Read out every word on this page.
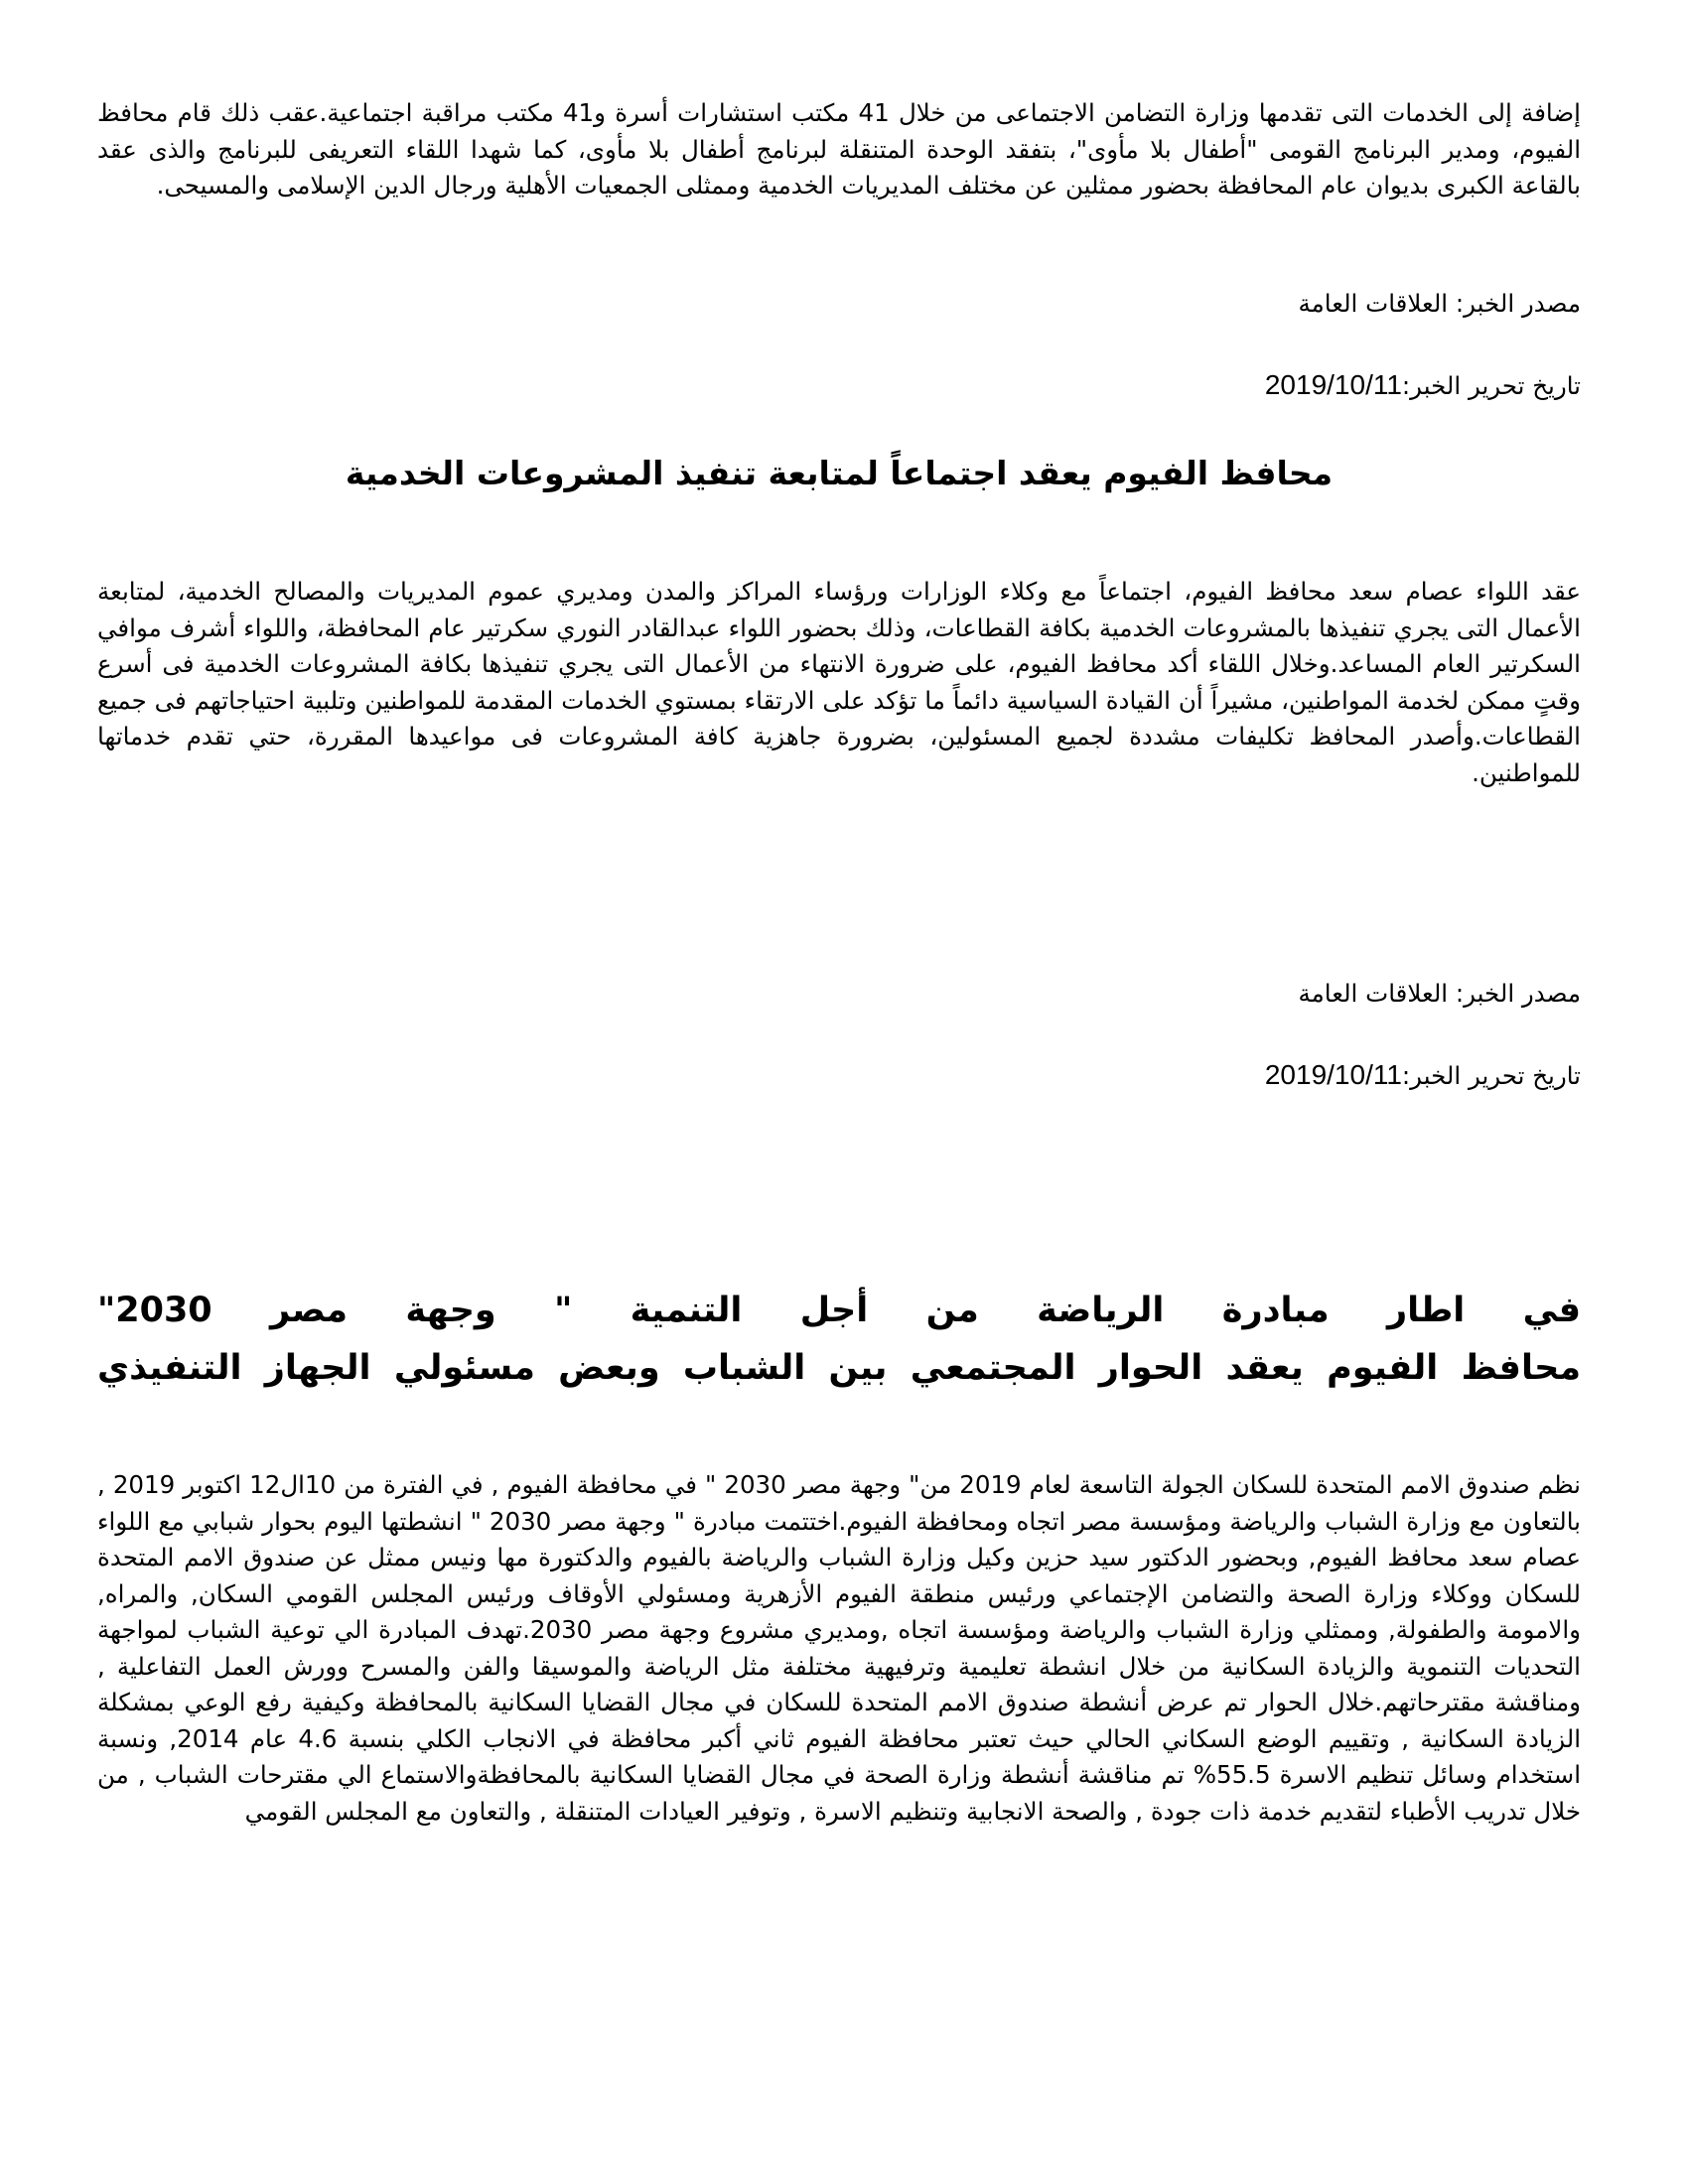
إضافة إلى الخدمات التى تقدمها وزارة التضامن الاجتماعى من خلال 41 مكتب استشارات أسرة و41 مكتب مراقبة اجتماعية.عقب ذلك قام محافظ الفيوم، ومدير البرنامج القومى "أطفال بلا مأوى"، بتفقد الوحدة المتنقلة لبرنامج أطفال بلا مأوى، كما شهدا اللقاء التعريفى للبرنامج والذى عقد بالقاعة الكبرى بديوان عام المحافظة بحضور ممثلين عن مختلف المديريات الخدمية وممثلى الجمعيات الأهلية ورجال الدين الإسلامى والمسيحى.

مصدر الخبر: العلاقات العامة

تاريخ تحرير الخبر:2019/10/11

محافظ الفيوم يعقد اجتماعاً لمتابعة تنفيذ المشروعات الخدمية

عقد اللواء عصام سعد محافظ الفيوم، اجتماعاً مع وكلاء الوزارات ورؤساء المراكز والمدن ومديري عموم المديريات والمصالح الخدمية، لمتابعة الأعمال التى يجري تنفيذها بالمشروعات الخدمية بكافة القطاعات، وذلك بحضور اللواء عبدالقادر النوري سكرتير عام المحافظة، واللواء أشرف موافي السكرتير العام المساعد.وخلال اللقاء أكد محافظ الفيوم، على ضرورة الانتهاء من الأعمال التى يجري تنفيذها بكافة المشروعات الخدمية فى أسرع وقتٍ ممكن لخدمة المواطنين، مشيراً أن القيادة السياسية دائماً ما تؤكد على الارتقاء بمستوي الخدمات المقدمة للمواطنين وتلبية احتياجاتهم فى جميع القطاعات.وأصدر المحافظ تكليفات مشددة لجميع المسئولين، بضرورة جاهزية كافة المشروعات فى مواعيدها المقررة، حتي تقدم خدماتها للمواطنين.

مصدر الخبر: العلاقات العامة

تاريخ تحرير الخبر:2019/10/11

في اطار مبادرة الرياضة من أجل التنمية " وجهة مصر 2030"

محافظ الفيوم يعقد الحوار المجتمعي بين الشباب وبعض مسئولي الجهاز التنفيذي

نظم صندوق الامم المتحدة للسكان الجولة التاسعة لعام 2019 من" وجهة مصر 2030 " في محافظة الفيوم , في الفترة من 10ال12 اكتوبر 2019 , بالتعاون مع وزارة الشباب والرياضة ومؤسسة مصر اتجاه ومحافظة الفيوم.اختتمت مبادرة " وجهة مصر 2030 " انشطتها اليوم بحوار شبابي مع اللواء عصام سعد محافظ الفيوم, وبحضور الدكتور سيد حزين وكيل وزارة الشباب والرياضة بالفيوم والدكتورة مها ونيس ممثل عن صندوق الامم المتحدة للسكان ووكلاء وزارة الصحة والتضامن الإجتماعي ورئيس منطقة الفيوم الأزهرية ومسئولي الأوقاف ورئيس المجلس القومي السكان, والمراه, والامومة والطفولة, وممثلي وزارة الشباب والرياضة ومؤسسة اتجاه ,ومديري مشروع وجهة مصر 2030.تهدف المبادرة الي توعية الشباب لمواجهة التحديات التنموية والزيادة السكانية من خلال انشطة تعليمية وترفيهية مختلفة مثل الرياضة والموسيقا والفن والمسرح وورش العمل التفاعلية , ومناقشة مقترحاتهم.خلال الحوار تم عرض أنشطة صندوق الامم المتحدة للسكان في مجال القضايا السكانية بالمحافظة وكيفية رفع الوعي بمشكلة الزيادة السكانية , وتقييم الوضع السكاني الحالي حيث تعتبر محافظة الفيوم ثاني أكبر محافظة في الانجاب الكلي بنسبة 4.6 عام 2014, ونسبة استخدام وسائل تنظيم الاسرة 55.5% تم مناقشة أنشطة وزارة الصحة في مجال القضايا السكانية بالمحافظةوالاستماع الي مقترحات الشباب , من خلال تدريب الأطباء لتقديم خدمة ذات جودة , والصحة الانجابية وتنظيم الاسرة , وتوفير العيادات المتنقلة , والتعاون مع المجلس القومي
